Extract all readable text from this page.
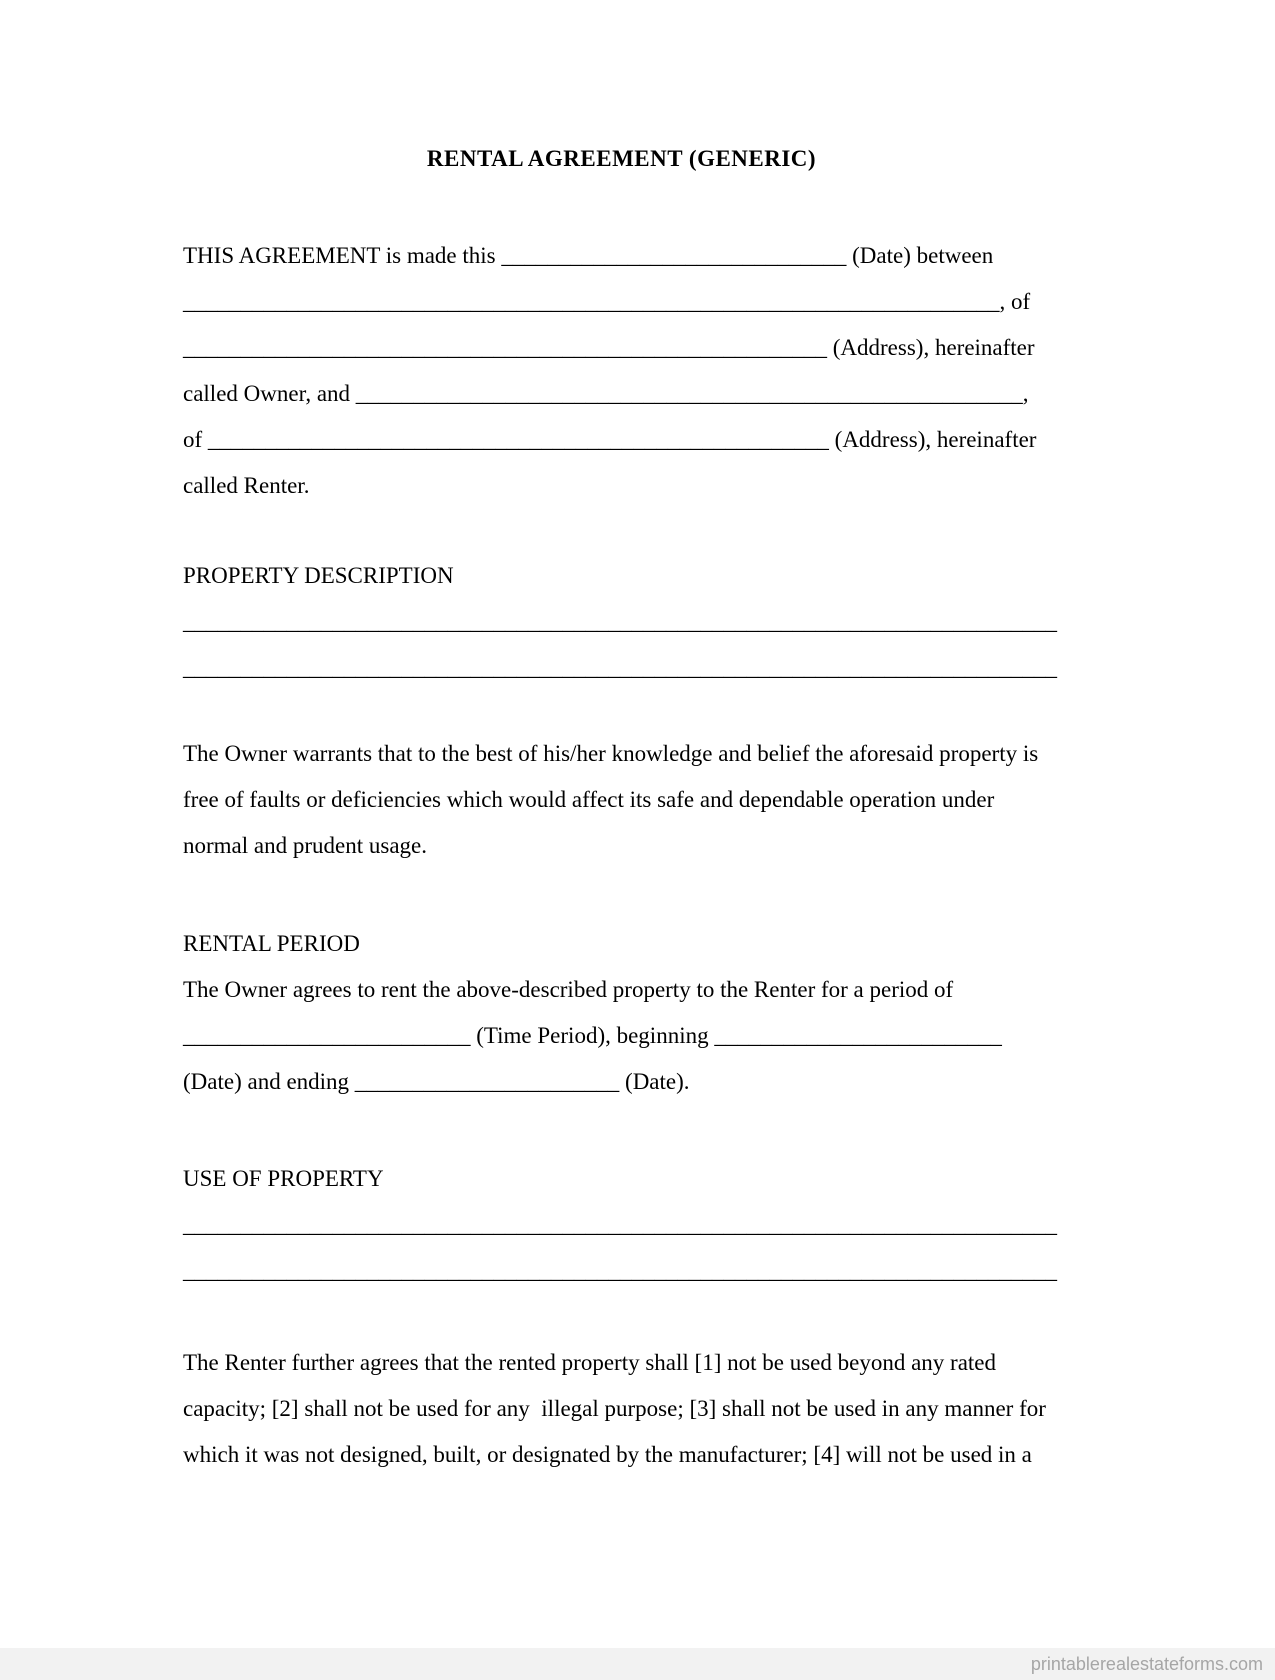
RENTAL AGREEMENT (GENERIC)
THIS AGREEMENT is made this ______________________________ (Date) between
_______________________________________________________________________, of
________________________________________________________ (Address), hereinafter
called Owner, and __________________________________________________________,
of ______________________________________________________ (Address), hereinafter
called Renter.
PROPERTY DESCRIPTION
____________________________________________________________________________
____________________________________________________________________________
The Owner warrants that to the best of his/her knowledge and belief the aforesaid property is
free of faults or deficiencies which would affect its safe and dependable operation under
normal and prudent usage.
RENTAL PERIOD
The Owner agrees to rent the above-described property to the Renter for a period of
_________________________ (Time Period), beginning _________________________
(Date) and ending _______________________ (Date).
USE OF PROPERTY
____________________________________________________________________________
____________________________________________________________________________
The Renter further agrees that the rented property shall [1] not be used beyond any rated
capacity; [2] shall not be used for any  illegal purpose; [3] shall not be used in any manner for
which it was not designed, built, or designated by the manufacturer; [4] will not be used in a
printablerealestateforms.com
